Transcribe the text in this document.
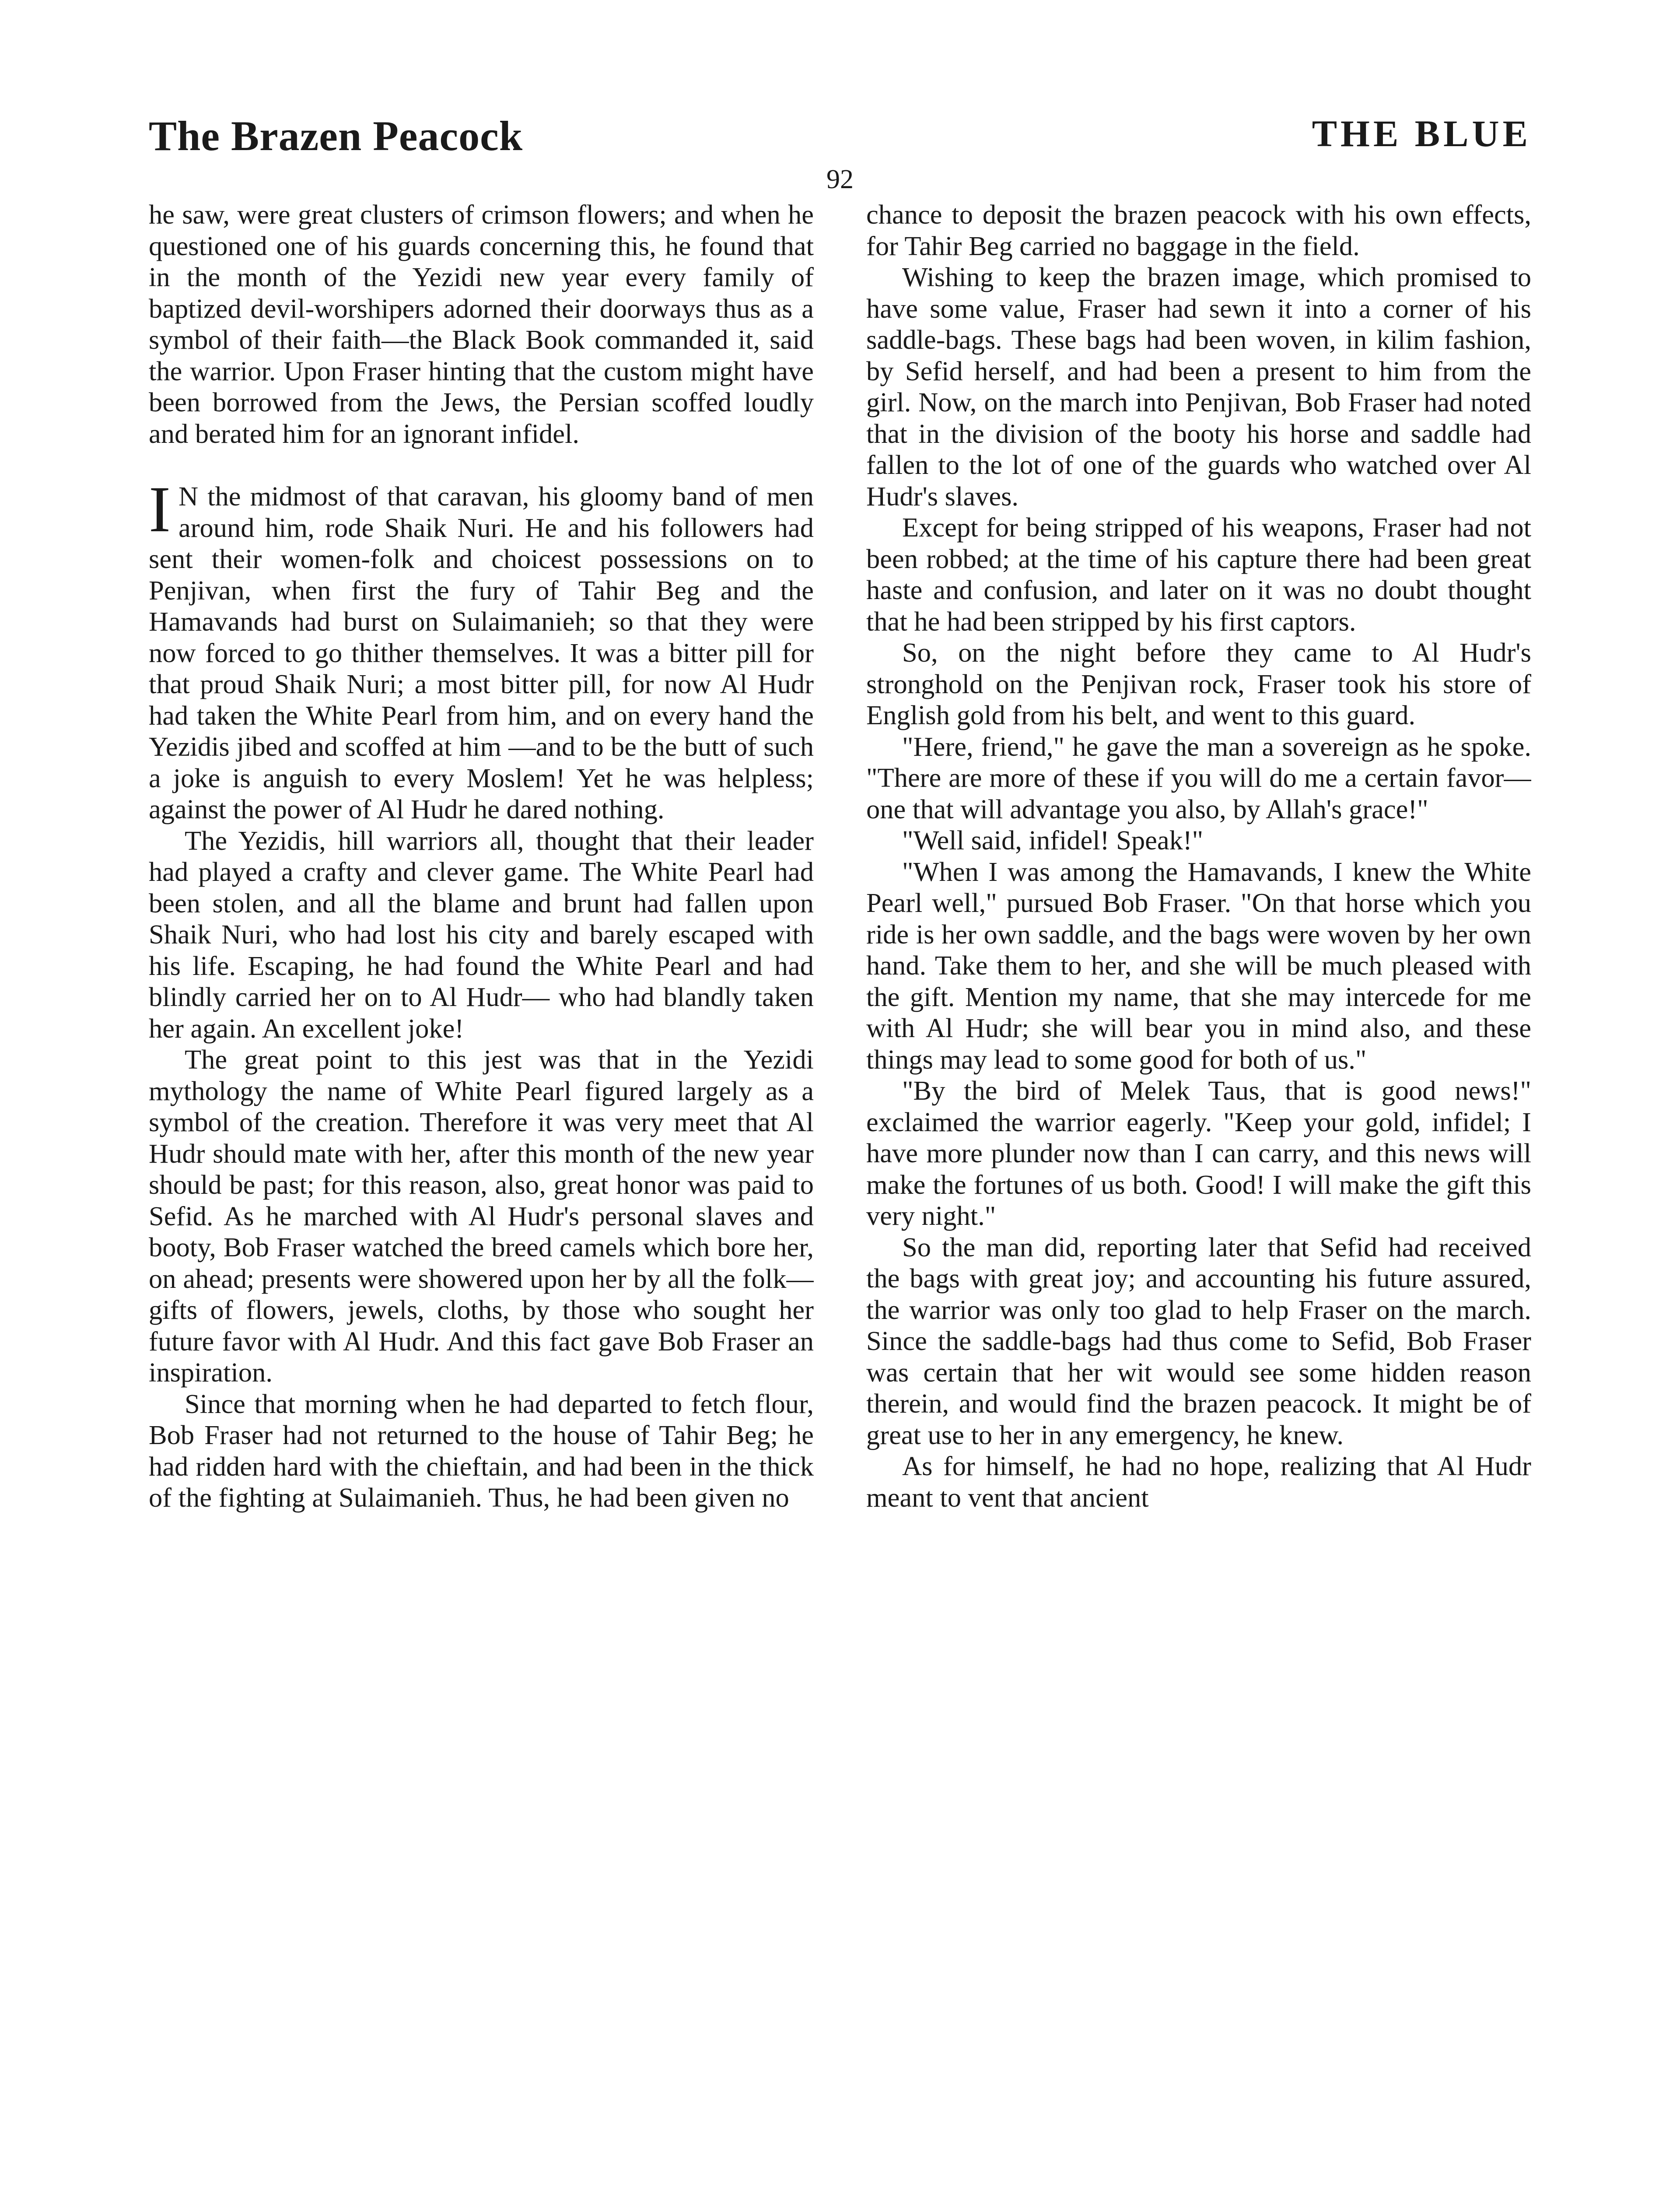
The Brazen Peacock	THE BLUE
92

he saw, were great clusters of crimson flowers; and when he questioned one of his guards concerning this, he found that in the month of the Yezidi new year every family of baptized devil-worshipers adorned their doorways thus as a symbol of their faith—the Black Book commanded it, said the warrior. Upon Fraser hinting that the custom might have been borrowed from the Jews, the Persian scoffed loudly and berated him for an ignorant infidel.

I N the midmost of that caravan, his gloomy band of men around him, rode Shaik Nuri. He and his followers had sent their women-folk and choicest possessions on to Penjivan, when first the fury of Tahir Beg and the Hamavands had burst on Sulaimanieh; so that they were now forced to go thither themselves. It was a bitter pill for that proud Shaik Nuri; a most bitter pill, for now Al Hudr had taken the White Pearl from him, and on every hand the Yezidis jibed and scoffed at him —and to be the butt of such a joke is anguish to every Moslem! Yet he was helpless; against the power of Al Hudr he dared nothing.

The Yezidis, hill warriors all, thought that their leader had played a crafty and clever game. The White Pearl had been stolen, and all the blame and brunt had fallen upon Shaik Nuri, who had lost his city and barely escaped with his life. Escaping, he had found the White Pearl and had blindly carried her on to Al Hudr— who had blandly taken her again. An excellent joke!

The great point to this jest was that in the Yezidi mythology the name of White Pearl figured largely as a symbol of the creation. Therefore it was very meet that Al Hudr should mate with her, after this month of the new year should be past; for this reason, also, great honor was paid to Sefid. As he marched with Al Hudr's personal slaves and booty, Bob Fraser watched the breed camels which bore her, on ahead; presents were showered upon her by all the folk—gifts of flowers, jewels, cloths, by those who sought her future favor with Al Hudr. And this fact gave Bob Fraser an inspiration.

Since that morning when he had departed to fetch flour, Bob Fraser had not returned to the house of Tahir Beg; he had ridden hard with the chieftain, and had been in the thick of the fighting at Sulaimanieh. Thus, he had been given no

chance to deposit the brazen peacock with his own effects, for Tahir Beg carried no baggage in the field.

Wishing to keep the brazen image, which promised to have some value, Fraser had sewn it into a corner of his saddle-bags. These bags had been woven, in kilim fashion, by Sefid herself, and had been a present to him from the girl. Now, on the march into Penjivan, Bob Fraser had noted that in the division of the booty his horse and saddle had fallen to the lot of one of the guards who watched over Al Hudr's slaves.

Except for being stripped of his weapons, Fraser had not been robbed; at the time of his capture there had been great haste and confusion, and later on it was no doubt thought that he had been stripped by his first captors.

So, on the night before they came to Al Hudr's stronghold on the Penjivan rock, Fraser took his store of English gold from his belt, and went to this guard.

"Here, friend," he gave the man a sovereign as he spoke. "There are more of these if you will do me a certain favor— one that will advantage you also, by Allah's grace!"

"Well said, infidel! Speak!"

"When I was among the Hamavands, I knew the White Pearl well," pursued Bob Fraser. "On that horse which you ride is her own saddle, and the bags were woven by her own hand. Take them to her, and she will be much pleased with the gift. Mention my name, that she may intercede for me with Al Hudr; she will bear you in mind also, and these things may lead to some good for both of us."

"By the bird of Melek Taus, that is good news!" exclaimed the warrior eagerly. "Keep your gold, infidel; I have more plunder now than I can carry, and this news will make the fortunes of us both. Good! I will make the gift this very night."

So the man did, reporting later that Sefid had received the bags with great joy; and accounting his future assured, the warrior was only too glad to help Fraser on the march. Since the saddle-bags had thus come to Sefid, Bob Fraser was certain that her wit would see some hidden reason therein, and would find the brazen peacock. It might be of great use to her in any emergency, he knew.

As for himself, he had no hope, realizing that Al Hudr meant to vent that ancient
